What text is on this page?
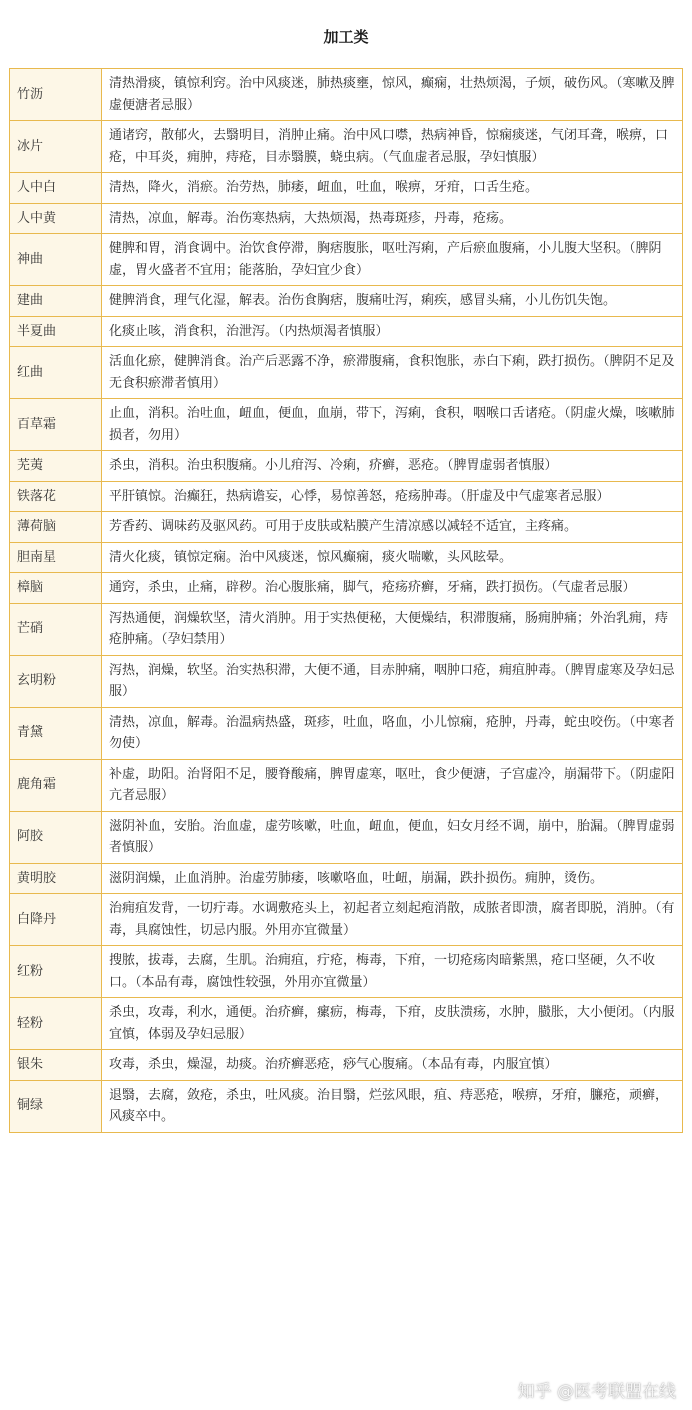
加工类
竹沥	清热滑痰，镇惊利窍。治中风痰迷，肺热痰壅，惊风，癫痫，壮热烦渴，子烦，破伤风。（寒嗽及脾虚便溏者忌服）
冰片	通诸窍，散郁火，去翳明目，消肿止痛。治中风口噤，热病神昏，惊痫痰迷，气闭耳聋，喉痹，口疮，中耳炎，痈肿，痔疮，目赤翳膜，蛲虫病。（气血虚者忌服，孕妇慎服）
人中白	清热，降火，消瘀。治劳热，肺痿，衄血，吐血，喉痹，牙疳，口舌生疮。
人中黄	清热，凉血，解毒。治伤寒热病，大热烦渴，热毒斑疹，丹毒，疮疡。
神曲	健脾和胃，消食调中。治饮食停滞，胸痞腹胀，呕吐泻痢，产后瘀血腹痛，小儿腹大坚积。（脾阴虚，胃火盛者不宜用；能落胎，孕妇宜少食）
建曲	健脾消食，理气化湿，解表。治伤食胸痞，腹痛吐泻，痢疾，感冒头痛，小儿伤饥失饱。
半夏曲	化痰止咳，消食积，治泄泻。（内热烦渴者慎服）
红曲	活血化瘀，健脾消食。治产后恶露不净，瘀滞腹痛，食积饱胀，赤白下痢，跌打损伤。（脾阴不足及无食积瘀滞者慎用）
百草霜	止血，消积。治吐血，衄血，便血，血崩，带下，泻痢，食积，咽喉口舌诸疮。（阴虚火燥，咳嗽肺损者，勿用）
芜荑	杀虫，消积。治虫积腹痛。小儿疳泻、冷痢，疥癣，恶疮。（脾胃虚弱者慎服）
铁落花	平肝镇惊。治癫狂，热病谵妄，心悸，易惊善怒，疮疡肿毒。（肝虚及中气虚寒者忌服）
薄荷脑	芳香药、调味药及驱风药。可用于皮肤或粘膜产生清凉感以减轻不适宜，主疼痛。
胆南星	清火化痰，镇惊定痫。治中风痰迷，惊风癫痫，痰火喘嗽，头风眩晕。
樟脑	通窍，杀虫，止痛，辟秽。治心腹胀痛，脚气，疮疡疥癣，牙痛，跌打损伤。（气虚者忌服）
芒硝	泻热通便，润燥软坚，清火消肿。用于实热便秘，大便燥结，积滞腹痛，肠痈肿痛；外治乳痈，痔疮肿痛。（孕妇禁用）
玄明粉	泻热，润燥，软坚。治实热积滞，大便不通，目赤肿痛，咽肿口疮，痈疽肿毒。（脾胃虚寒及孕妇忌服）
青黛	清热，凉血，解毒。治温病热盛，斑疹，吐血，咯血，小儿惊痫，疮肿，丹毒，蛇虫咬伤。（中寒者勿使）
鹿角霜	补虚，助阳。治肾阳不足，腰脊酸痛，脾胃虚寒，呕吐，食少便溏，子宫虚冷，崩漏带下。（阴虚阳亢者忌服）
阿胶	滋阴补血，安胎。治血虚，虚劳咳嗽，吐血，衄血，便血，妇女月经不调，崩中，胎漏。（脾胃虚弱者慎服）
黄明胶	滋阴润燥，止血消肿。治虚劳肺痿，咳嗽咯血，吐衄，崩漏，跌扑损伤。痈肿，烫伤。
白降丹	治痈疽发背，一切疔毒。水调敷疮头上，初起者立刻起疱消散，成脓者即溃，腐者即脱，消肿。（有毒，具腐蚀性，切忌内服。外用亦宜微量）
红粉	搜脓，拔毒，去腐，生肌。治痈疽，疔疮，梅毒，下疳，一切疮疡肉暗紫黑，疮口坚硬，久不收口。（本品有毒，腐蚀性较强，外用亦宜微量）
轻粉	杀虫，攻毒，利水，通便。治疥癣，瘰疬，梅毒，下疳，皮肤溃疡，水肿，臌胀，大小便闭。（内服宜慎，体弱及孕妇忌服）
银朱	攻毒，杀虫，燥湿，劫痰。治疥癣恶疮，痧气心腹痛。（本品有毒，内服宜慎）
铜绿	退翳，去腐，敛疮，杀虫，吐风痰。治目翳，烂弦风眼，疽、痔恶疮，喉痹，牙疳，臁疮，顽癣，风痰卒中。
知乎 @医考联盟在线
